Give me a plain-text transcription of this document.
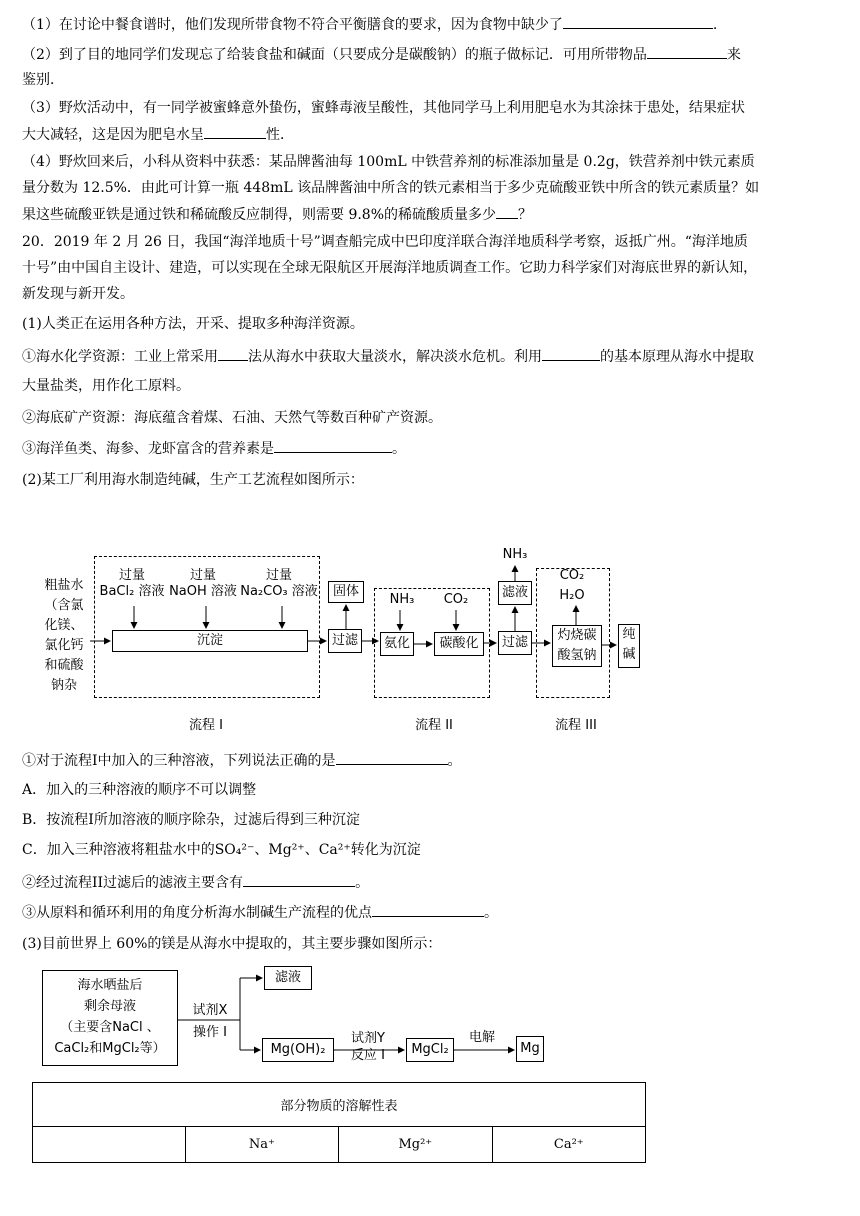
（1）在讨论中餐食谱时，他们发现所带食物不符合平衡膳食的要求，因为食物中缺少了	.
（2）到了目的地同学们发现忘了给装食盐和碱面（只要成分是碳酸钠）的瓶子做标记．可用所带物品	来
鉴别．
（3）野炊活动中，有一同学被蜜蜂意外蛰伤，蜜蜂毒液呈酸性，其他同学马上利用肥皂水为其涂抹于患处，结果症状
大大减轻，这是因为肥皂水呈	性．
（4）野炊回来后，小科从资料中获悉：某品牌酱油每 100mL 中铁营养剂的标准添加量是 0.2g，铁营养剂中铁元素质
量分数为 12.5%．由此可计算一瓶 448mL 该品牌酱油中所含的铁元素相当于多少克硫酸亚铁中所含的铁元素质量？如
果这些硫酸亚铁是通过铁和稀硫酸反应制得，则需要 9.8%的稀硫酸质量多少 ？
20．2019 年 2 月 26 日，我国“海洋地质十号”调查船完成中巴印度洋联合海洋地质科学考察，返抵广州。“海洋地质
十号”由中国自主设计、建造，可以实现在全球无限航区开展海洋地质调查工作。它助力科学家们对海底世界的新认知，
新发现与新开发。
(1)人类正在运用各种方法，开采、提取多种海洋资源。
①海水化学资源：工业上常采用 法从海水中获取大量淡水，解决淡水危机。利用	的基本原理从海水中提取
大量盐类，用作化工原料。
②海底矿产资源：海底蕴含着煤、石油、天然气等数百种矿产资源。
③海洋鱼类、海参、龙虾富含的营养素是	。
(2)某工厂利用海水制造纯碱，生产工艺流程如图所示：
粗盐水
（含氯
化镁、
氯化钙
和硫酸
钠杂
过量
BaCl₂ 溶液
过量
NaOH 溶液
过量
Na₂CO₃ 溶液
沉淀	过滤
固体
NH₃	CO₂
氨化	碳酸化	过滤
滤液
NH₃
CO₂
H₂O
灼烧碳
酸氢钠
纯
碱
流程 I	流程 II	流程 III
①对于流程I中加入的三种溶液，下列说法正确的是	。
A．加入的三种溶液的顺序不可以调整
B．按流程I所加溶液的顺序除杂，过滤后得到三种沉淀
C．加入三种溶液将粗盐水中的SO₄²⁻、Mg²⁺、Ca²⁺转化为沉淀
②经过流程II过滤后的滤液主要含有	。
③从原料和循环利用的角度分析海水制碱生产流程的优点	。
(3)目前世界上 60%的镁是从海水中提取的，其主要步骤如图所示：
海水晒盐后
剩余母液
（主要含NaCl 、
CaCl₂和MgCl₂等）
试剂X
操作 I
滤液
Mg(OH)₂
试剂Y
反应 I	MgCl₂
电解
Mg
部分物质的溶解性表
	Na⁺	Mg²⁺	Ca²⁺
